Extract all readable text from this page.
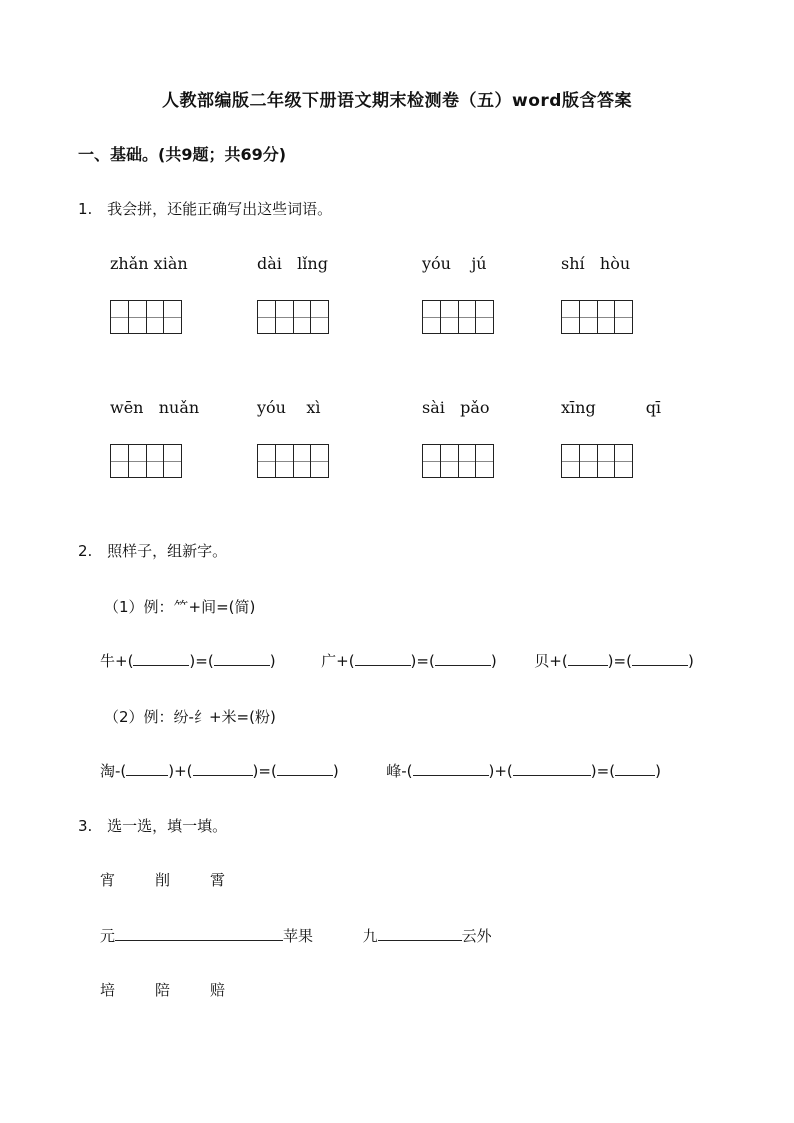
人教部编版二年级下册语文期末检测卷（五）word版含答案
一、基础。(共9题；共69分)
1. 我会拼，还能正确写出这些词语。
zhǎn xiàn	dài lǐng	yóu jú	shí hòu
wēn nuǎn	yóu xì	sài pǎo	xīng	qī
2. 照样子，组新字。
（1）例：⺮+间=(简)
牛+(	)=(	)	广+(	)=(	)	贝+(	)=(	)
（2）例：纷-纟+米=(粉)
淘-(	)+(	)=(	)	峰-(	)+(	)=(	)
3. 选一选，填一填。
宵	削	霄
元	苹果	九	云外
培	陪	赔
